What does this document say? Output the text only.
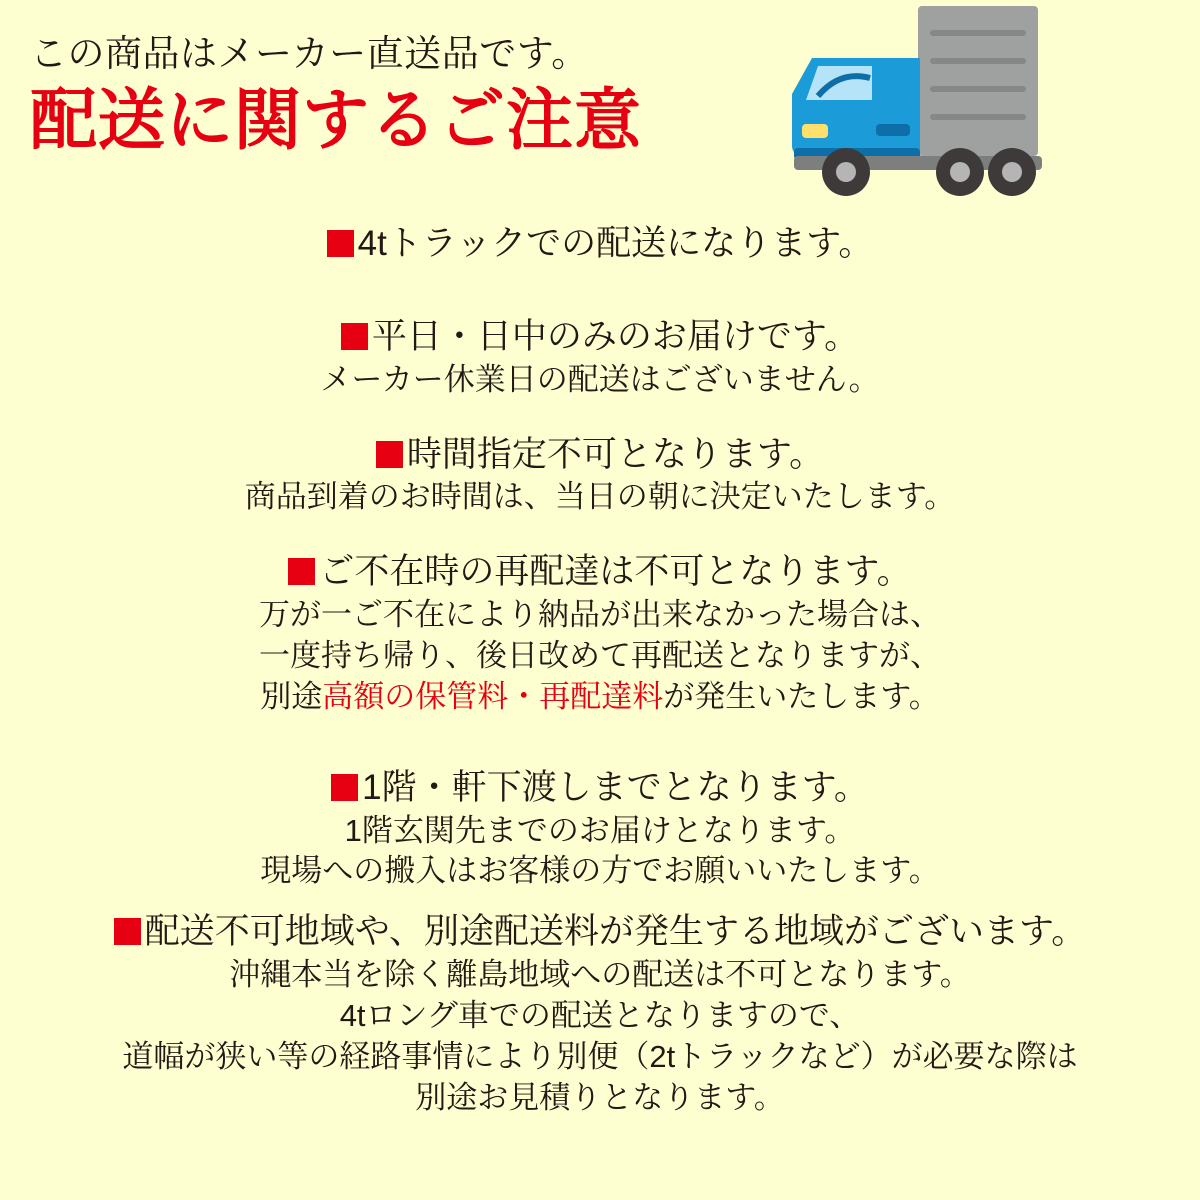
この商品はメーカー直送品です。
配送に関するご注意
4tトラックでの配送になります。
平日・日中のみのお届けです。
メーカー休業日の配送はございません。
時間指定不可となります。
商品到着のお時間は、当日の朝に決定いたします。
ご不在時の再配達は不可となります。
万が一ご不在により納品が出来なかった場合は、
一度持ち帰り、後日改めて再配送となりますが、
別途高額の保管料・再配達料が発生いたします。
1階・軒下渡しまでとなります。
1階玄関先までのお届けとなります。
現場への搬入はお客様の方でお願いいたします。
配送不可地域や、別途配送料が発生する地域がございます。
沖縄本当を除く離島地域への配送は不可となります。
4tロング車での配送となりますので、
道幅が狭い等の経路事情により別便（2tトラックなど）が必要な際は
別途お見積りとなります。
